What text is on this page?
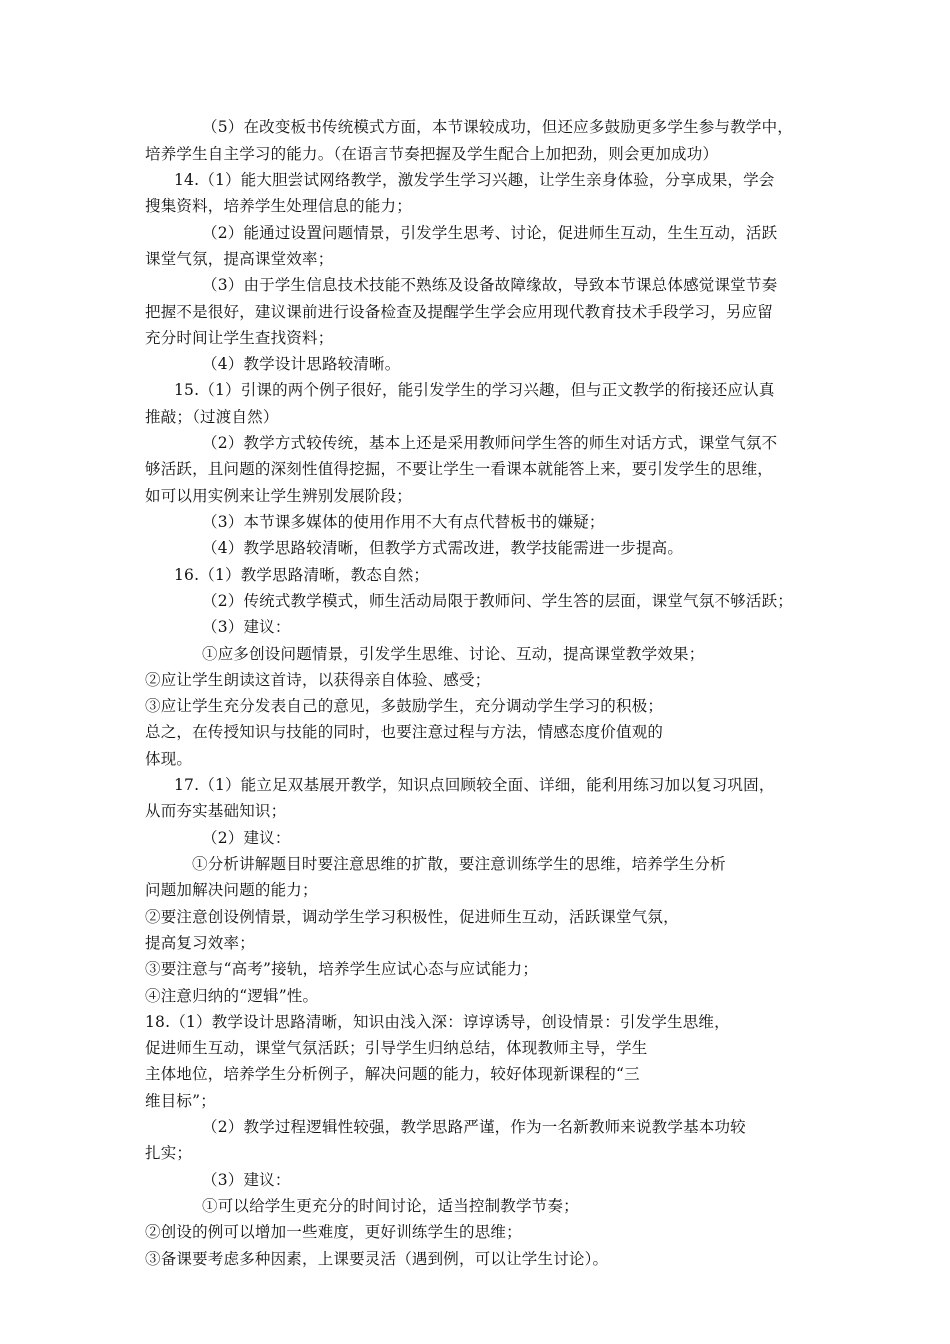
（5）在改变板书传统模式方面，本节课较成功，但还应多鼓励更多学生参与教学中，
培养学生自主学习的能力。（在语言节奏把握及学生配合上加把劲，则会更加成功）
14.（1）能大胆尝试网络教学，激发学生学习兴趣，让学生亲身体验，分享成果，学会
搜集资料，培养学生处理信息的能力；
（2）能通过设置问题情景，引发学生思考、讨论，促进师生互动，生生互动，活跃
课堂气氛，提高课堂效率；
（3）由于学生信息技术技能不熟练及设备故障缘故，导致本节课总体感觉课堂节奏
把握不是很好，建议课前进行设备检查及提醒学生学会应用现代教育技术手段学习，另应留
充分时间让学生查找资料；
（4）教学设计思路较清晰。
15.（1）引课的两个例子很好，能引发学生的学习兴趣，但与正文教学的衔接还应认真
推敲；（过渡自然）
（2）教学方式较传统，基本上还是采用教师问学生答的师生对话方式，课堂气氛不
够活跃，且问题的深刻性值得挖掘，不要让学生一看课本就能答上来，要引发学生的思维，
如可以用实例来让学生辨别发展阶段；
（3）本节课多媒体的使用作用不大有点代替板书的嫌疑；
（4）教学思路较清晰，但教学方式需改进，教学技能需进一步提高。
16.（1）教学思路清晰，教态自然；
（2）传统式教学模式，师生活动局限于教师问、学生答的层面，课堂气氛不够活跃；
（3）建议：
①应多创设问题情景，引发学生思维、讨论、互动，提高课堂教学效果；
②应让学生朗读这首诗，以获得亲自体验、感受；
③应让学生充分发表自己的意见，多鼓励学生，充分调动学生学习的积极；
总之，在传授知识与技能的同时，也要注意过程与方法，情感态度价值观的
体现。
17.（1）能立足双基展开教学，知识点回顾较全面、详细，能利用练习加以复习巩固，
从而夯实基础知识；
（2）建议：
①分析讲解题目时要注意思维的扩散，要注意训练学生的思维，培养学生分析
问题加解决问题的能力；
②要注意创设例情景，调动学生学习积极性，促进师生互动，活跃课堂气氛，
提高复习效率；
③要注意与“高考”接轨，培养学生应试心态与应试能力；
④注意归纳的“逻辑”性。
18.（1）教学设计思路清晰，知识由浅入深：谆谆诱导，创设情景：引发学生思维，
促进师生互动，课堂气氛活跃；引导学生归纳总结，体现教师主导，学生
主体地位，培养学生分析例子，解决问题的能力，较好体现新课程的“三
维目标”；
（2）教学过程逻辑性较强，教学思路严谨，作为一名新教师来说教学基本功较
扎实；
（3）建议：
①可以给学生更充分的时间讨论，适当控制教学节奏；
②创设的例可以增加一些难度，更好训练学生的思维；
③备课要考虑多种因素，上课要灵活（遇到例，可以让学生讨论）。
